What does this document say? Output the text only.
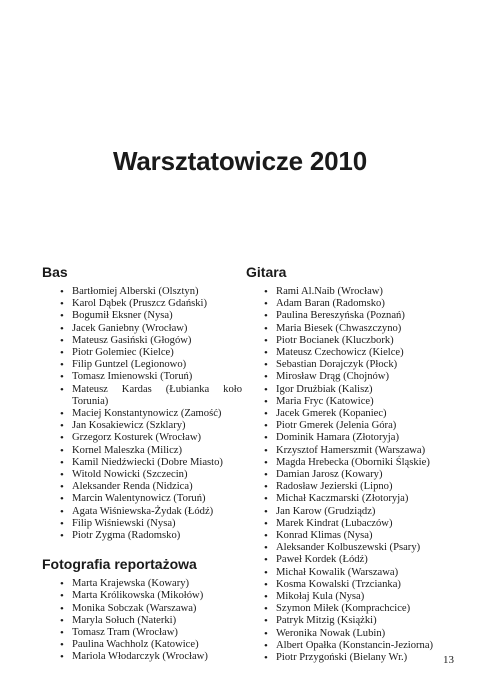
Warsztatowicze 2010
Bas
• Bartłomiej Alberski (Olsztyn)
• Karol Dąbek (Pruszcz Gdański)
• Bogumił Eksner (Nysa)
• Jacek Ganiebny (Wrocław)
• Mateusz Gasiński (Głogów)
• Piotr Golemiec (Kielce)
• Filip Guntzel (Legionowo)
• Tomasz Imienowski (Toruń)
• Mateusz Kardas (Łubianka koło Torunia)
• Maciej Konstantynowicz (Zamość)
• Jan Kosakiewicz (Szklary)
• Grzegorz Kosturek (Wrocław)
• Kornel Maleszka (Milicz)
• Kamil Niedźwiecki (Dobre Miasto)
• Witold Nowicki (Szczecin)
• Aleksander Renda (Nidzica)
• Marcin Walentynowicz (Toruń)
• Agata Wiśniewska-Żydak (Łódź)
• Filip Wiśniewski (Nysa)
• Piotr Zygma (Radomsko)
Fotografia reportażowa
• Marta Krajewska (Kowary)
• Marta Królikowska (Mikołów)
• Monika Sobczak (Warszawa)
• Maryla Sołuch (Naterki)
• Tomasz Tram (Wrocław)
• Paulina Wachholz (Katowice)
• Mariola Włodarczyk (Wrocław)
Gitara
• Rami Al.Naib (Wrocław)
• Adam Baran (Radomsko)
• Paulina Bereszyńska (Poznań)
• Maria Biesek (Chwaszczyno)
• Piotr Bocianek (Kluczbork)
• Mateusz Czechowicz (Kielce)
• Sebastian Dorajczyk (Płock)
• Mirosław Drąg (Chojnów)
• Igor Drużbiak (Kalisz)
• Maria Fryc (Katowice)
• Jacek Gmerek (Kopaniec)
• Piotr Gmerek (Jelenia Góra)
• Dominik Hamara (Złotoryja)
• Krzysztof Hamerszmit (Warszawa)
• Magda Hrebecka (Oborniki Śląskie)
• Damian Jarosz (Kowary)
• Radosław Jezierski (Lipno)
• Michał Kaczmarski (Złotoryja)
• Jan Karow (Grudziądz)
• Marek Kindrat (Lubaczów)
• Konrad Klimas (Nysa)
• Aleksander Kolbuszewski (Psary)
• Paweł Kordek (Łódź)
• Michał Kowalik (Warszawa)
• Kosma Kowalski (Trzcianka)
• Mikołaj Kula (Nysa)
• Szymon Miłek (Komprachcice)
• Patryk Mitzig (Książki)
• Weronika Nowak (Lubin)
• Albert Opałka (Konstancin-Jeziorna)
• Piotr Przygoński (Bielany Wr.)	13
